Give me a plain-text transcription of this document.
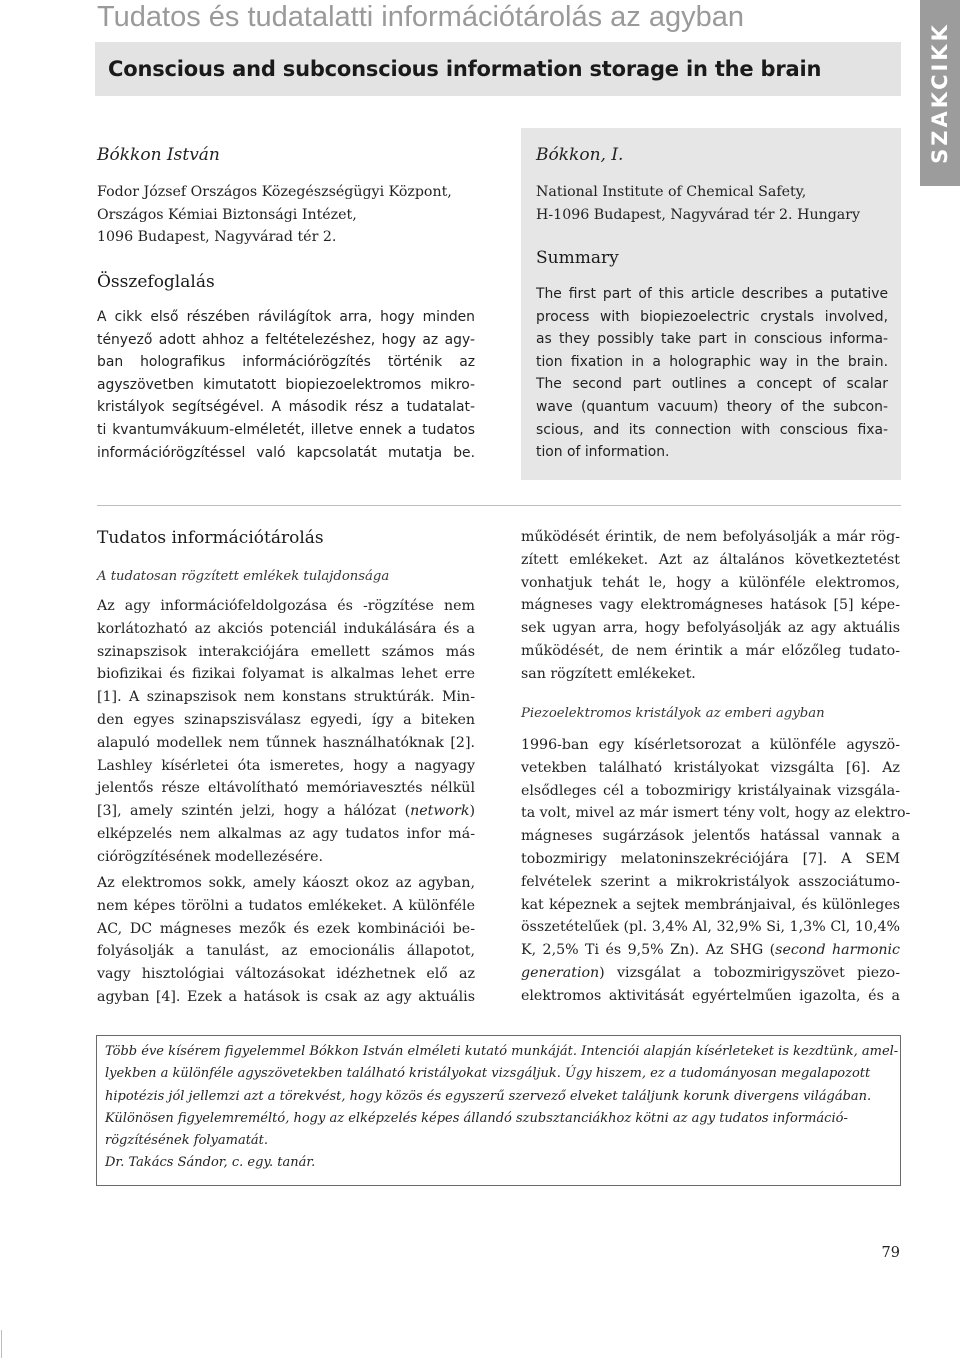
Tudatos és tudatalatti információtárolás az agyban
Conscious and subconscious information storage in the brain	SZAKCIKK
Bókkon István
Fodor József Országos Közegészségügyi Központ,
Országos Kémiai Biztonsági Intézet,
1096 Budapest, Nagyvárad tér 2.
Összefoglalás
A cikk első részében rávilágítok arra, hogy minden
tényező adott ahhoz a feltételezéshez, hogy az agy-
ban holografikus információrögzítés történik az
agyszövetben kimutatott biopiezoelektromos mikro-
kristályok segítségével. A második rész a tudatalat-
ti kvantumvákuum-elméletét, illetve ennek a tudatos
információrögzítéssel való kapcsolatát mutatja be.
Bókkon, I.
National Institute of Chemical Safety,
H-1096 Budapest, Nagyvárad tér 2. Hungary
Summary
The first part of this article describes a putative
process with biopiezoelectric crystals involved,
as they possibly take part in conscious informa-
tion fixation in a holographic way in the brain.
The second part outlines a concept of scalar
wave (quantum vacuum) theory of the subcon-
scious, and its connection with conscious fixa-
tion of information.
Tudatos információtárolás
A tudatosan rögzített emlékek tulajdonsága
Az agy információfeldolgozása és -rögzítése nem
korlátozható az akciós potenciál indukálására és a
szinapszisok interakciójára emellett számos más
biofizikai és fizikai folyamat is alkalmas lehet erre
[1]. A szinapszisok nem konstans struktúrák. Min-
den egyes szinapszisválasz egyedi, így a biteken
alapuló modellek nem tűnnek használhatóknak [2].
Lashley kísérletei óta ismeretes, hogy a nagyagy
jelentős része eltávolítható memóriavesztés nélkül
[3], amely szintén jelzi, hogy a hálózat (network)
elképzelés nem alkalmas az agy tudatos infor má-
ciórögzítésének modellezésére.
Az elektromos sokk, amely káoszt okoz az agyban,
nem képes törölni a tudatos emlékeket. A különféle
AC, DC mágneses mezők és ezek kombinációi be-
folyásolják a tanulást, az emocionális állapotot,
vagy hisztológiai változásokat idézhetnek elő az
agyban [4]. Ezek a hatások is csak az agy aktuális
működését érintik, de nem befolyásolják a már rög-
zített emlékeket. Azt az általános következtetést
vonhatjuk tehát le, hogy a különféle elektromos,
mágneses vagy elektromágneses hatások [5] képe-
sek ugyan arra, hogy befolyásolják az agy aktuális
működését, de nem érintik a már előzőleg tudato-
san rögzített emlékeket.
Piezoelektromos kristályok az emberi agyban
1996-ban egy kísérletsorozat a különféle agyszö-
vetekben található kristályokat vizsgálta [6]. Az
elsődleges cél a tobozmirigy kristályainak vizsgála-
ta volt, mivel az már ismert tény volt, hogy az elektro-
mágneses sugárzások jelentős hatással vannak a
tobozmirigy melatoninszekréciójára [7]. A SEM
felvételek szerint a mikrokristályok asszociátumo-
kat képeznek a sejtek membránjaival, és különleges
összetételűek (pl. 3,4% Al, 32,9% Si, 1,3% Cl, 10,4%
K, 2,5% Ti és 9,5% Zn). Az SHG (second harmonic
generation) vizsgálat a tobozmirigyszövet piezo-
elektromos aktivitását egyértelműen igazolta, és a
Több éve kísérem figyelemmel Bókkon István elméleti kutató munkáját. Intenciói alapján kísérleteket is kezdtünk, amel-
lyekben a különféle agyszövetekben található kristályokat vizsgáljuk. Úgy hiszem, ez a tudományosan megalapozott
hipotézis jól jellemzi azt a törekvést, hogy közös és egyszerű szervező elveket találjunk korunk divergens világában.
Különösen figyelemreméltó, hogy az elképzelés képes állandó szubsztanciákhoz kötni az agy tudatos információ-
rögzítésének folyamatát.
Dr. Takács Sándor, c. egy. tanár.
79
